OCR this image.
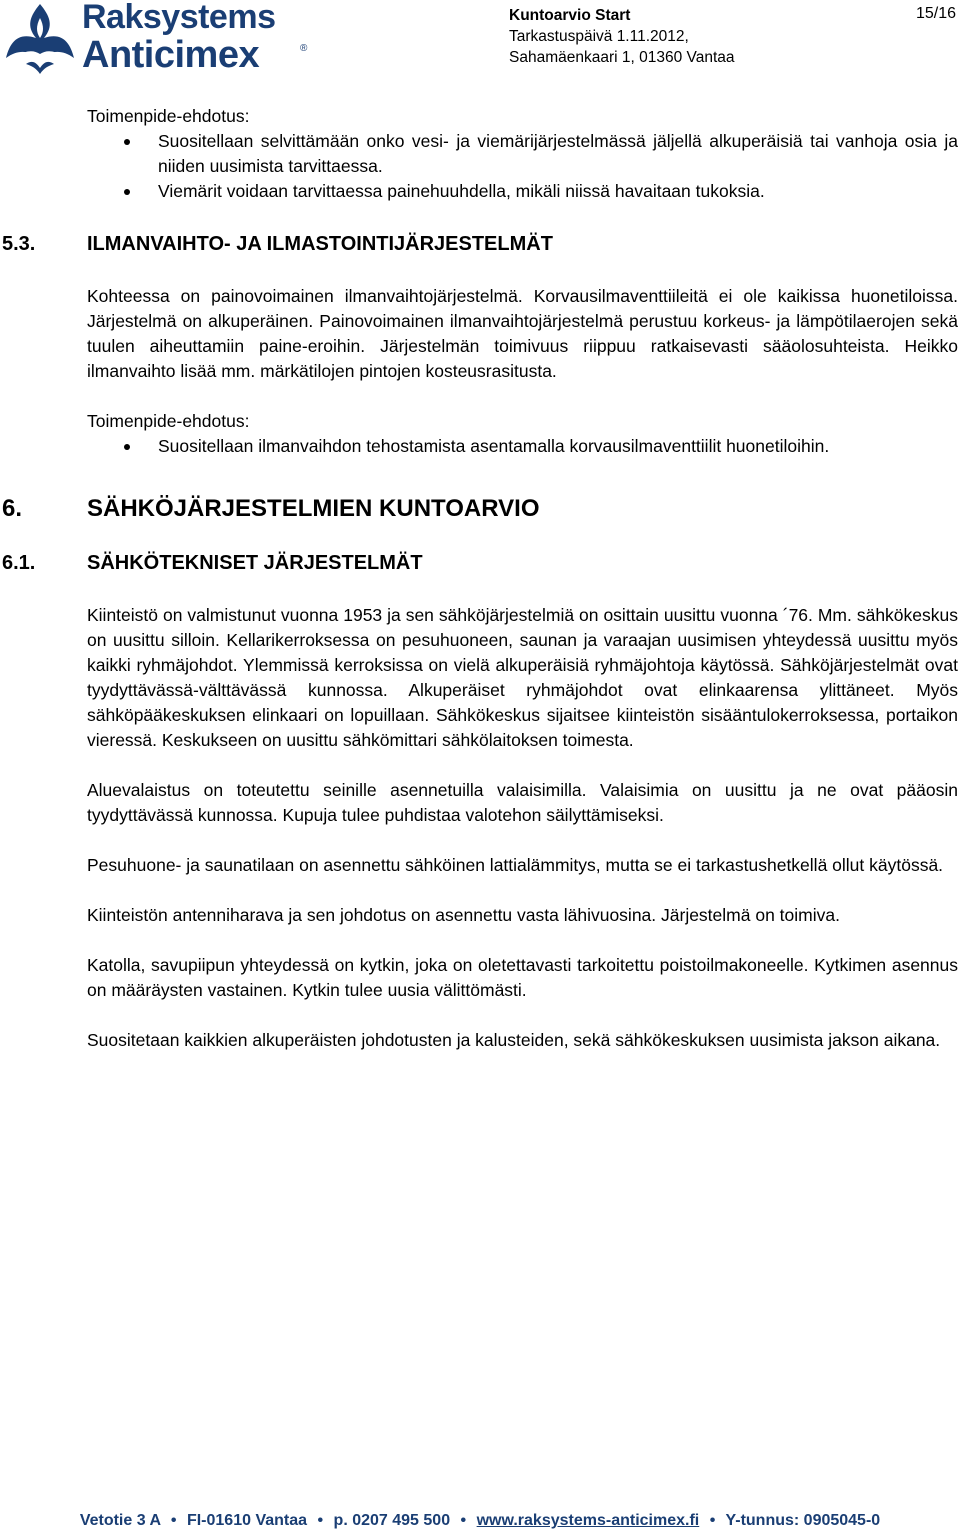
Raksystems
Anticimex	®
Kuntoarvio Start
Tarkastuspäivä 1.11.2012,
Sahamäenkaari 1, 01360 Vantaa
15/16
Toimenpide-ehdotus:
Suositellaan selvittämään onko vesi- ja viemärijärjestelmässä jäljellä alkuperäisiä tai vanhoja osia ja niiden uusimista tarvittaessa.
Viemärit voidaan tarvittaessa painehuuhdella, mikäli niissä havaitaan tukoksia.
5.3.	ILMANVAIHTO- JA ILMASTOINTIJÄRJESTELMÄT

Kohteessa on painovoimainen ilmanvaihtojärjestelmä. Korvausilmaventtiileitä ei ole kaikissa huonetiloissa. Järjestelmä on alkuperäinen. Painovoimainen ilmanvaihtojärjestelmä perustuu korkeus- ja lämpötilaerojen sekä tuulen aiheuttamiin paine-eroihin. Järjestelmän toimivuus riippuu ratkaisevasti sääolosuhteista. Heikko ilmanvaihto lisää mm. märkätilojen pintojen kosteusrasitusta.

Toimenpide-ehdotus:
Suositellaan ilmanvaihdon tehostamista asentamalla korvausilmaventtiilit huonetiloihin.
6.	SÄHKÖJÄRJESTELMIEN KUNTOARVIO
6.1.	SÄHKÖTEKNISET JÄRJESTELMÄT

Kiinteistö on valmistunut vuonna 1953 ja sen sähköjärjestelmiä on osittain uusittu vuonna ´76. Mm. sähkökeskus on uusittu silloin. Kellarikerroksessa on pesuhuoneen, saunan ja varaajan uusimisen yhteydessä uusittu myös kaikki ryhmäjohdot. Ylemmissä kerroksissa on vielä alkuperäisiä ryhmäjohtoja käytössä. Sähköjärjestelmät ovat tyydyttävässä-välttävässä kunnossa. Alkuperäiset ryhmäjohdot ovat elinkaarensa ylittäneet. Myös sähköpääkeskuksen elinkaari on lopuillaan. Sähkökeskus sijaitsee kiinteistön sisääntulokerroksessa, portaikon vieressä. Keskukseen on uusittu sähkömittari sähkölaitoksen toimesta.

Aluevalaistus on toteutettu seinille asennetuilla valaisimilla. Valaisimia on uusittu ja ne ovat pääosin tyydyttävässä kunnossa. Kupuja tulee puhdistaa valotehon säilyttämiseksi.

Pesuhuone- ja saunatilaan on asennettu sähköinen lattialämmitys, mutta se ei tarkastushetkellä ollut käytössä.

Kiinteistön antenniharava ja sen johdotus on asennettu vasta lähivuosina. Järjestelmä on toimiva.

Katolla, savupiipun yhteydessä on kytkin, joka on oletettavasti tarkoitettu poistoilmakoneelle. Kytkimen asennus on määräysten vastainen. Kytkin tulee uusia välittömästi.

Suositetaan kaikkien alkuperäisten johdotusten ja kalusteiden, sekä sähkökeskuksen uusimista jakson aikana.

Vetotie 3 A • FI-01610 Vantaa • p. 0207 495 500 • www.raksystems-anticimex.fi • Y-tunnus: 0905045-0
